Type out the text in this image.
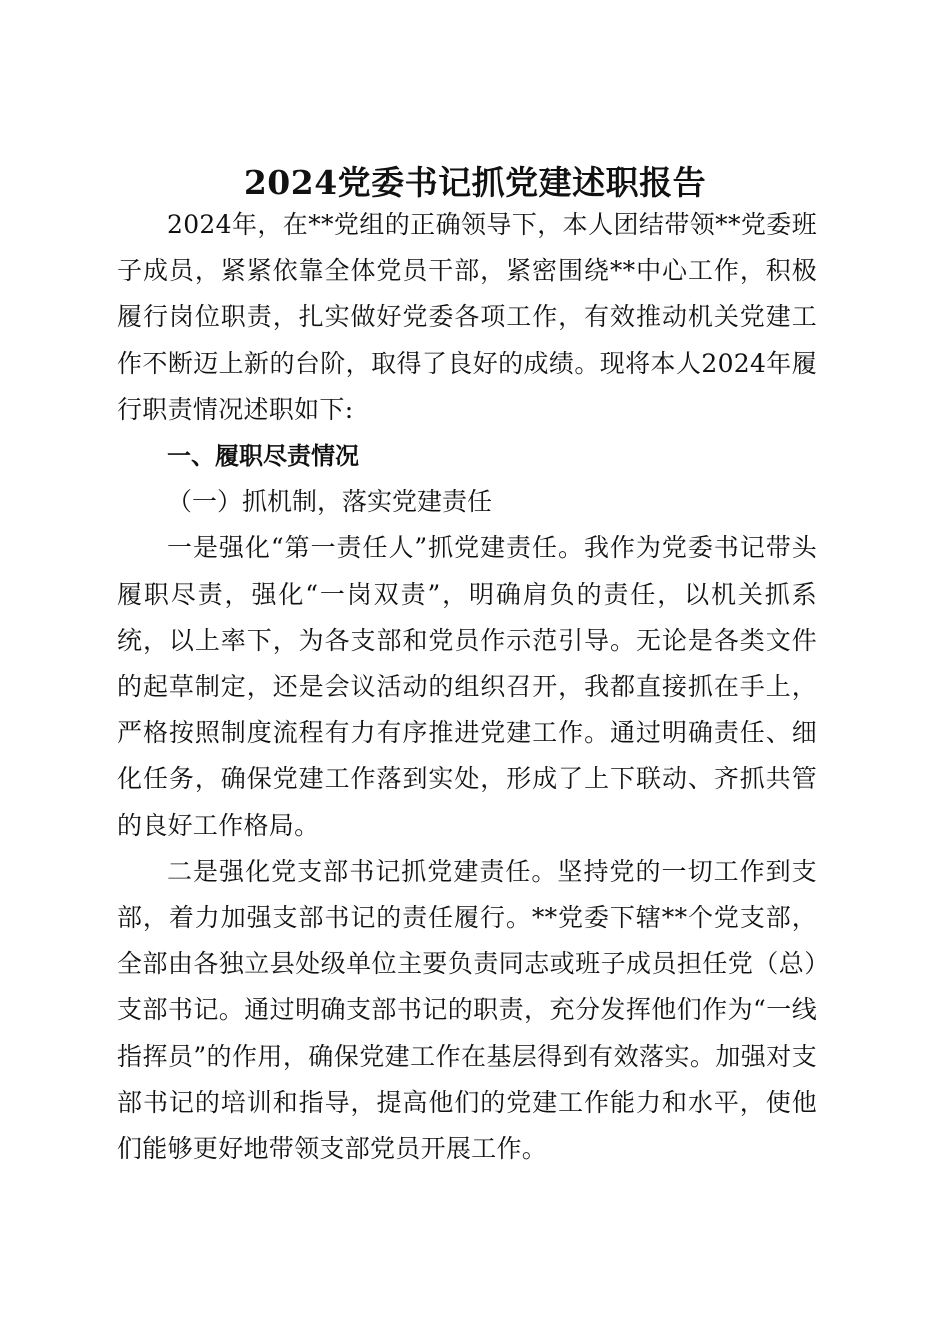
2024党委书记抓党建述职报告

2024年，在**党组的正确领导下，本人团结带领**党委班子成员，紧紧依靠全体党员干部，紧密围绕**中心工作，积极履行岗位职责，扎实做好党委各项工作，有效推动机关党建工作不断迈上新的台阶，取得了良好的成绩。现将本人2024年履行职责情况述职如下:

一、履职尽责情况

（一）抓机制，落实党建责任

一是强化“第一责任人”抓党建责任。我作为党委书记带头履职尽责，强化“一岗双责”，明确肩负的责任，以机关抓系统，以上率下，为各支部和党员作示范引导。无论是各类文件的起草制定，还是会议活动的组织召开，我都直接抓在手上，严格按照制度流程有力有序推进党建工作。通过明确责任、细化任务，确保党建工作落到实处，形成了上下联动、齐抓共管的良好工作格局。

二是强化党支部书记抓党建责任。坚持党的一切工作到支部，着力加强支部书记的责任履行。**党委下辖**个党支部，全部由各独立县处级单位主要负责同志或班子成员担任党（总）支部书记。通过明确支部书记的职责，充分发挥他们作为“一线指挥员”的作用，确保党建工作在基层得到有效落实。加强对支部书记的培训和指导，提高他们的党建工作能力和水平，使他们能够更好地带领支部党员开展工作。
